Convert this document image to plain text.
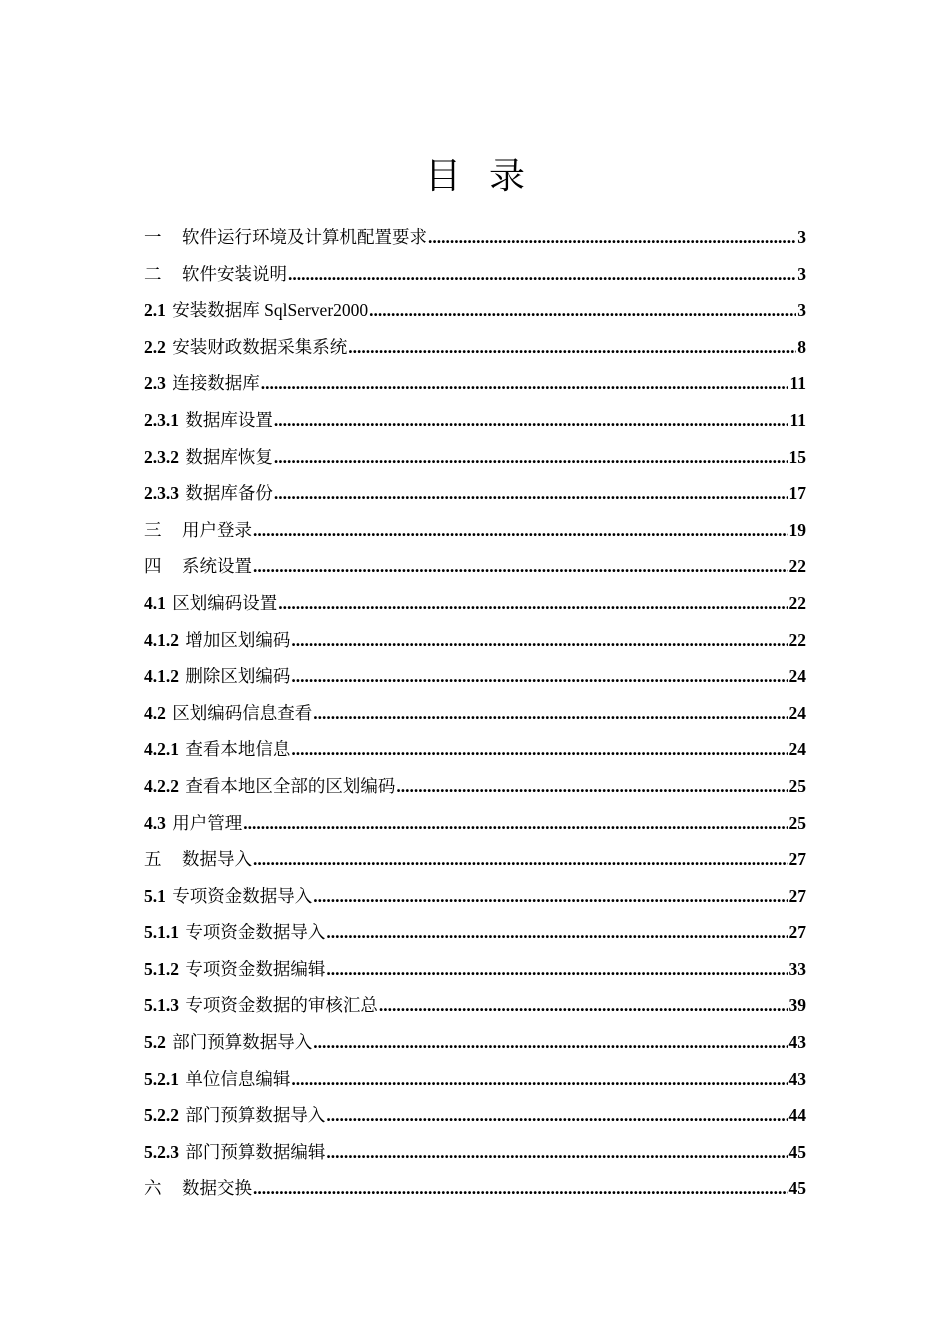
目录
一 软件运行环境及计算机配置要求 .....	3
二 软件安装说明 .....	3
2.1 安装数据库 SqlServer2000 .....	3
2.2 安装财政数据采集系统 .....	8
2.3 连接数据库 .....	11
2.3.1 数据库设置 .....	11
2.3.2 数据库恢复 .....	15
2.3.3 数据库备份 .....	17
三 用户登录 .....	19
四 系统设置 .....	22
4.1 区划编码设置 .....	22
4.1.2 增加区划编码 .....	22
4.1.2 删除区划编码 .....	24
4.2 区划编码信息查看 .....	24
4.2.1 查看本地信息 .....	24
4.2.2 查看本地区全部的区划编码 .....	25
4.3 用户管理 .....	25
五 数据导入 .....	27
5.1 专项资金数据导入 .....	27
5.1.1 专项资金数据导入 .....	27
5.1.2 专项资金数据编辑 .....	33
5.1.3 专项资金数据的审核汇总 .....	39
5.2 部门预算数据导入 .....	43
5.2.1 单位信息编辑 .....	43
5.2.2 部门预算数据导入 .....	44
5.2.3 部门预算数据编辑 .....	45
六 数据交换 .....	45
